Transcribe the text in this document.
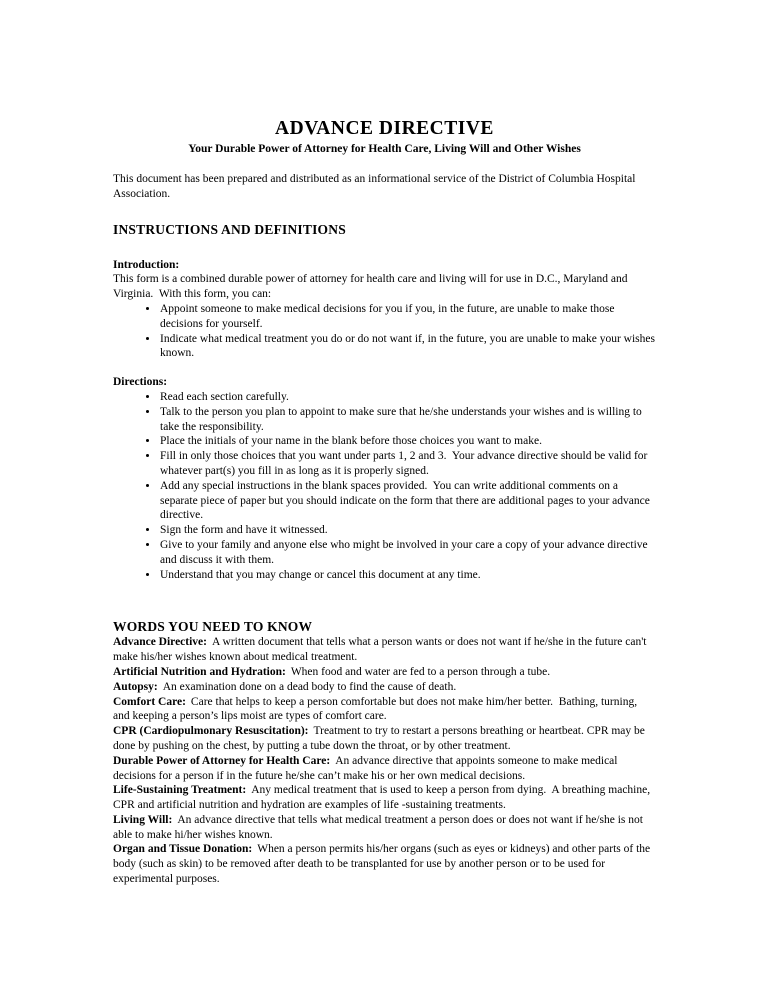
ADVANCE DIRECTIVE
Your Durable Power of Attorney for Health Care, Living Will and Other Wishes

This document has been prepared and distributed as an informational service of the District of Columbia Hospital Association.

INSTRUCTIONS AND DEFINITIONS

Introduction:

This form is a combined durable power of attorney for health care and living will for use in D.C., Maryland and Virginia.  With this form, you can:

• Appoint someone to make medical decisions for you if you, in the future, are unable to make those decisions for yourself.
• Indicate what medical treatment you do or do not want if, in the future, you are unable to make your wishes known.

Directions:

• Read each section carefully.
• Talk to the person you plan to appoint to make sure that he/she understands your wishes and is willing to take the responsibility.
• Place the initials of your name in the blank before those choices you want to make.
• Fill in only those choices that you want under parts 1, 2 and 3.  Your advance directive should be valid for whatever part(s) you fill in as long as it is properly signed.
• Add any special instructions in the blank spaces provided.  You can write additional comments on a separate piece of paper but you should indicate on the form that there are additional pages to your advance directive.
• Sign the form and have it witnessed.
• Give to your family and anyone else who might be involved in your care a copy of your advance directive and discuss it with them.
• Understand that you may change or cancel this document at any time.
WORDS YOU NEED TO KNOW

Advance Directive: A written document that tells what a person wants or does not want if he/she in the future can't make his/her wishes known about medical treatment.

Artificial Nutrition and Hydration: When food and water are fed to a person through a tube.

Autopsy: An examination done on a dead body to find the cause of death.

Comfort Care: Care that helps to keep a person comfortable but does not make him/her better.  Bathing, turning, and keeping a person’s lips moist are types of comfort care.

CPR (Cardiopulmonary Resuscitation): Treatment to try to restart a persons breathing or heartbeat. CPR may be done by pushing on the chest, by putting a tube down the throat, or by other treatment.

Durable Power of Attorney for Health Care: An advance directive that appoints someone to make medical decisions for a person if in the future he/she can’t make his or her own medical decisions.

Life-Sustaining Treatment: Any medical treatment that is used to keep a person from dying.  A breathing machine, CPR and artificial nutrition and hydration are examples of life -sustaining treatments.

Living Will: An advance directive that tells what medical treatment a person does or does not want if he/she is not able to make hi/her wishes known.

Organ and Tissue Donation: When a person permits his/her organs (such as eyes or kidneys) and other parts of the body (such as skin) to be removed after death to be transplanted for use by another person or to be used for experimental purposes.
